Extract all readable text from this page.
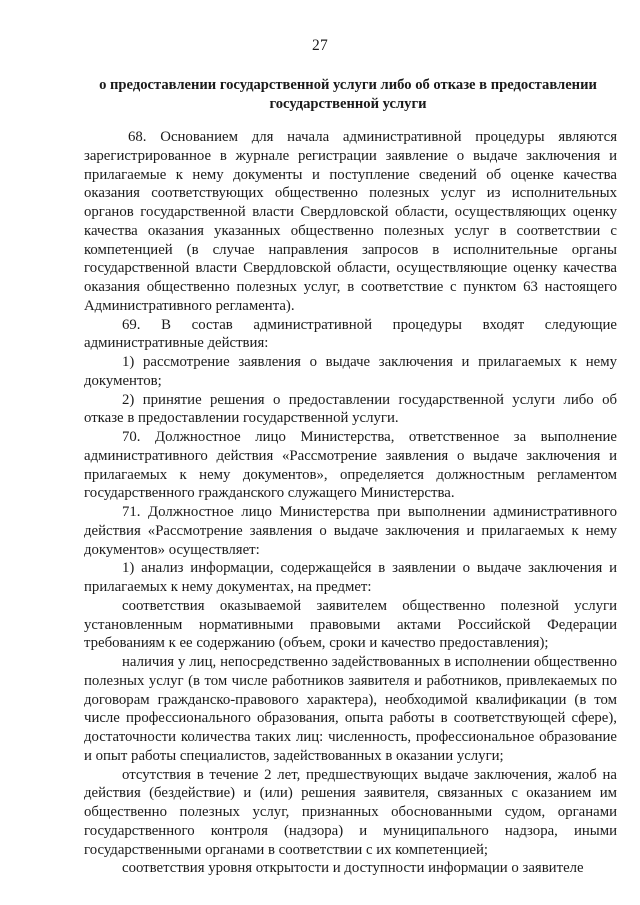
27
о предоставлении государственной услуги либо об отказе в предоставлении
государственной услуги

68. Основанием для начала административной процедуры являются зарегистрированное в журнале регистрации заявление о выдаче заключения и прилагаемые к нему документы и поступление сведений об оценке качества оказания соответствующих общественно полезных услуг из исполнительных органов государственной власти Свердловской области, осуществляющих оценку качества оказания указанных общественно полезных услуг в соответствии с компетенцией (в случае направления запросов в исполнительные органы государственной власти Свердловской области, осуществляющие оценку качества оказания общественно полезных услуг, в соответствие с пунктом 63 настоящего Административного регламента).

69. В состав административной процедуры входят следующие административные действия:

1) рассмотрение заявления о выдаче заключения и прилагаемых к нему документов;

2) принятие решения о предоставлении государственной услуги либо об отказе в предоставлении государственной услуги.

70. Должностное лицо Министерства, ответственное за выполнение административного действия «Рассмотрение заявления о выдаче заключения и прилагаемых к нему документов», определяется должностным регламентом государственного гражданского служащего Министерства.

71. Должностное лицо Министерства при выполнении административного действия «Рассмотрение заявления о выдаче заключения и прилагаемых к нему документов» осуществляет:

1) анализ информации, содержащейся в заявлении о выдаче заключения и прилагаемых к нему документах, на предмет:

соответствия оказываемой заявителем общественно полезной услуги установленным нормативными правовыми актами Российской Федерации требованиям к ее содержанию (объем, сроки и качество предоставления);

наличия у лиц, непосредственно задействованных в исполнении общественно полезных услуг (в том числе работников заявителя и работников, привлекаемых по договорам гражданско-правового характера), необходимой квалификации (в том числе профессионального образования, опыта работы в соответствующей сфере), достаточности количества таких лиц: численность, профессиональное образование и опыт работы специалистов, задействованных в оказании услуги;

отсутствия в течение 2 лет, предшествующих выдаче заключения, жалоб на действия (бездействие) и (или) решения заявителя, связанных с оказанием им общественно полезных услуг, признанных обоснованными судом, органами государственного контроля (надзора) и муниципального надзора, иными государственными органами в соответствии с их компетенцией;

соответствия уровня открытости и доступности информации о заявителе
